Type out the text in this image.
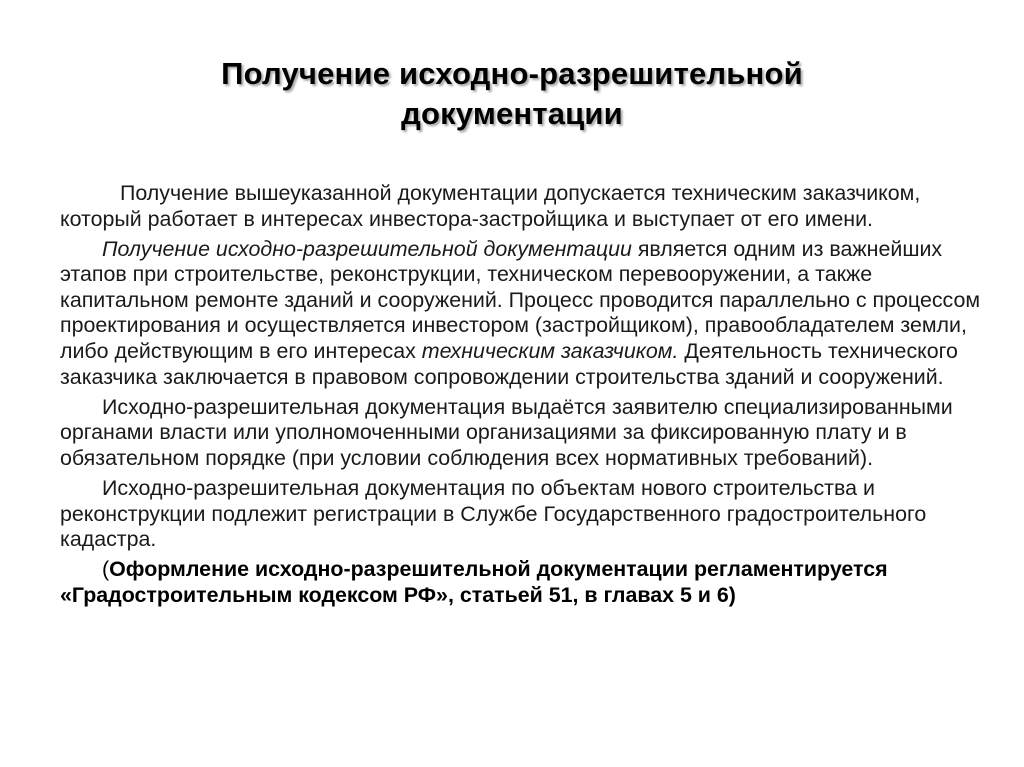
Получение исходно-разрешительной
документации

Получение вышеуказанной документации допускается техническим заказчиком, который работает в интересах инвестора-застройщика и выступает от его имени.

Получение исходно-разрешительной документации является одним из важнейших этапов при строительстве, реконструкции, техническом перевооружении, а также капитальном ремонте зданий и сооружений. Процесс проводится параллельно с процессом проектирования и осуществляется инвестором (застройщиком), правообладателем земли, либо действующим в его интересах техническим заказчиком. Деятельность технического заказчика заключается в правовом сопровождении строительства зданий и сооружений.

Исходно-разрешительная документация выдаётся заявителю специализированными органами власти или уполномоченными организациями за фиксированную плату и в обязательном порядке (при условии соблюдения всех нормативных требований).

Исходно-разрешительная документация по объектам нового строительства и реконструкции подлежит регистрации в Службе Государственного градостроительного кадастра.

(Оформление исходно-разрешительной документации регламентируется «Градостроительным кодексом РФ», статьей 51, в главах 5 и 6)
